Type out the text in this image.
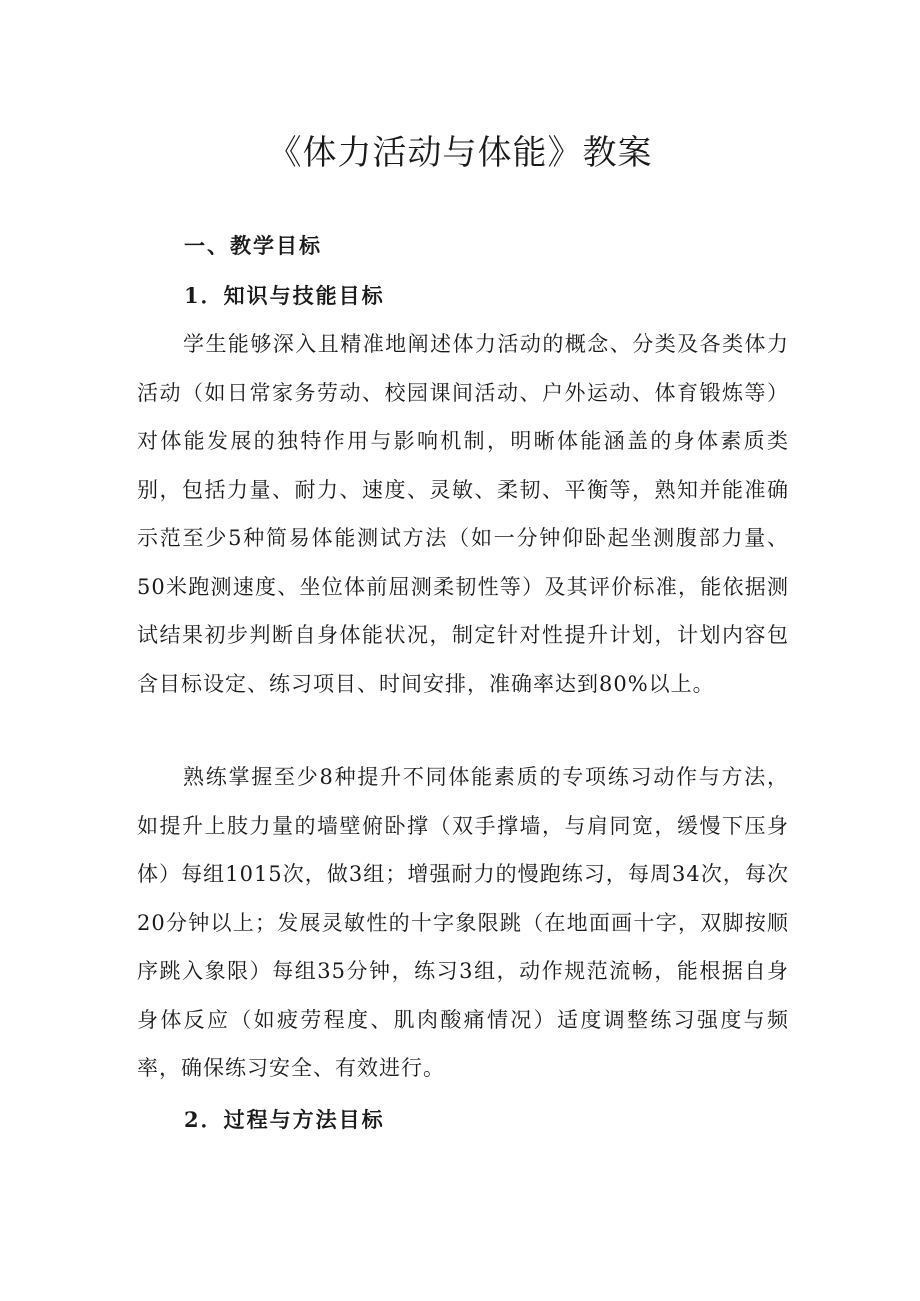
《体力活动与体能》教案
一、教学目标
1．知识与技能目标

学生能够深入且精准地阐述体力活动的概念、分类及各类体力活动（如日常家务劳动、校园课间活动、户外运动、体育锻炼等）对体能发展的独特作用与影响机制，明晰体能涵盖的身体素质类别，包括力量、耐力、速度、灵敏、柔韧、平衡等，熟知并能准确示范至少5种简易体能测试方法（如一分钟仰卧起坐测腹部力量、50米跑测速度、坐位体前屈测柔韧性等）及其评价标准，能依据测试结果初步判断自身体能状况，制定针对性提升计划，计划内容包含目标设定、练习项目、时间安排，准确率达到80%以上。

熟练掌握至少8种提升不同体能素质的专项练习动作与方法，如提升上肢力量的墙壁俯卧撑（双手撑墙，与肩同宽，缓慢下压身体）每组1015次，做3组；增强耐力的慢跑练习，每周34次，每次20分钟以上；发展灵敏性的十字象限跳（在地面画十字，双脚按顺序跳入象限）每组35分钟，练习3组，动作规范流畅，能根据自身身体反应（如疲劳程度、肌肉酸痛情况）适度调整练习强度与频率，确保练习安全、有效进行。

2．过程与方法目标
